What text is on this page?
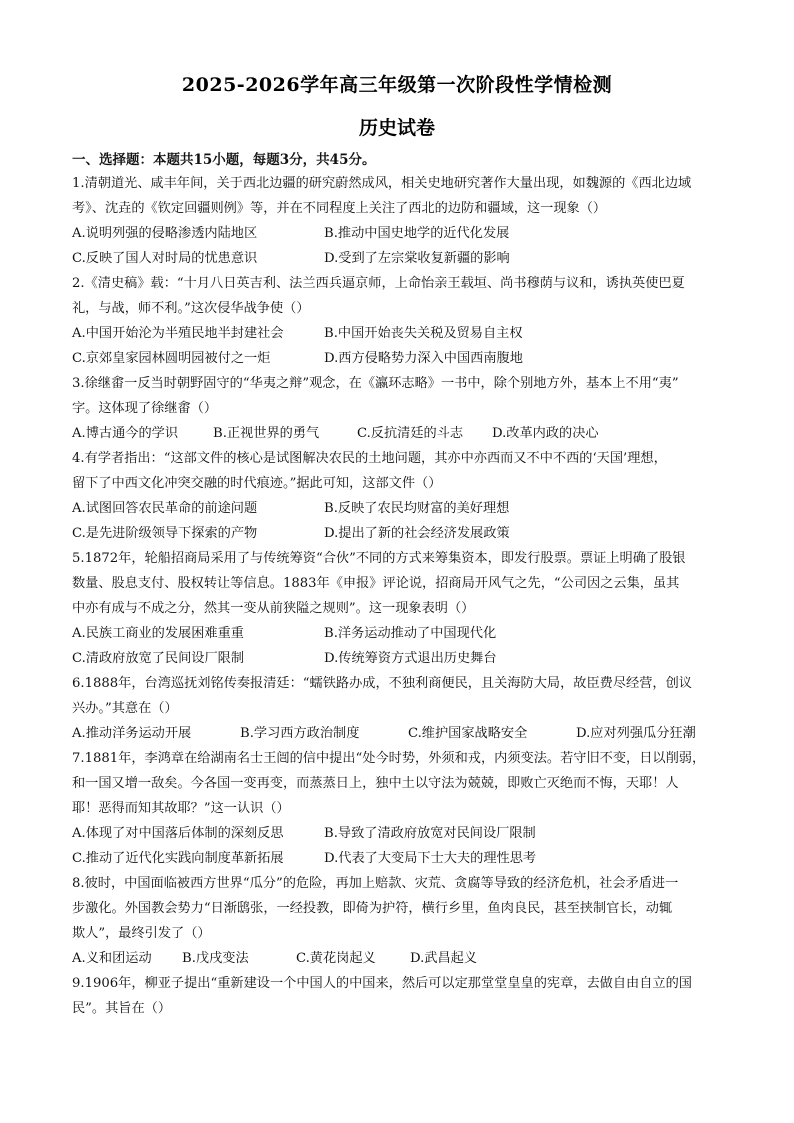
2025-2026学年高三年级第一次阶段性学情检测
历史试卷
一、选择题：本题共15小题，每题3分，共45分。
1.清朝道光、咸丰年间，关于西北边疆的研究蔚然成风，相关史地研究著作大量出现，如魏源的《西北边域
考》、沈垚的《钦定回疆则例》等，并在不同程度上关注了西北的边防和疆域，这一现象（）
A.说明列强的侵略渗透内陆地区	B.推动中国史地学的近代化发展
C.反映了国人对时局的忧患意识	D.受到了左宗棠收复新疆的影响
2.《清史稿》载：“十月八日英吉利、法兰西兵逼京师，上命怡亲王载垣、尚书穆荫与议和，诱执英使巴夏
礼，与战，师不利。”这次侵华战争使（）
A.中国开始沦为半殖民地半封建社会	B.中国开始丧失关税及贸易自主权
C.京郊皇家园林圆明园被付之一炬	D.西方侵略势力深入中国西南腹地
3.徐继畬一反当时朝野固守的“华夷之辩”观念，在《瀛环志略》一书中，除个别地方外，基本上不用“夷”
字。这体现了徐继畬（）
A.博古通今的学识	B.正视世界的勇气	C.反抗清廷的斗志	D.改革内政的决心
4.有学者指出：“这部文件的核心是试图解决农民的土地问题，其亦中亦西而又不中不西的‘天国’理想，
留下了中西文化冲突交融的时代痕迹。”据此可知，这部文件（）
A.试图回答农民革命的前途问题	B.反映了农民均财富的美好理想
C.是先进阶级领导下探索的产物	D.提出了新的社会经济发展政策
5.1872年，轮船招商局采用了与传统筹资“合伙”不同的方式来筹集资本，即发行股票。票证上明确了股银
数量、股息支付、股权转让等信息。1883年《申报》评论说，招商局开风气之先，“公司因之云集，虽其
中亦有成与不成之分，然其一变从前狭隘之规则”。这一现象表明（）
A.民族工商业的发展困难重重	B.洋务运动推动了中国现代化
C.清政府放宽了民间设厂限制	D.传统筹资方式退出历史舞台
6.1888年，台湾巡抚刘铭传奏报清廷：“蠕铁路办成，不独利商便民，且关海防大局，故臣费尽经营，创议
兴办。”其意在（）
A.推动洋务运动开展	B.学习西方政治制度	C.维护国家战略安全	D.应对列强瓜分狂潮
7.1881年，李鸿章在给湖南名士王闿的信中提出“处今时势，外须和戎，内须变法。若守旧不变，日以削弱，
和一国又增一敌矣。今各国一变再变，而蒸蒸日上，独中土以守法为兢兢，即败亡灭绝而不悔，天耶！人
耶！恶得而知其故耶？”这一认识（）
A.体现了对中国落后体制的深刻反思	B.导致了清政府放宽对民间设厂限制
C.推动了近代化实践向制度革新拓展	D.代表了大变局下士大夫的理性思考
8.彼时，中国面临被西方世界“瓜分”的危险，再加上赔款、灾荒、贪腐等导致的经济危机，社会矛盾进一
步激化。外国教会势力“日渐鸱张，一经投教，即倚为护符，横行乡里，鱼肉良民，甚至挟制官长，动辄
欺人”，最终引发了（）
A.义和团运动	B.戊戌变法	C.黄花岗起义	D.武昌起义
9.1906年，柳亚子提出“重新建设一个中国人的中国来，然后可以定那堂堂皇皇的宪章，去做自由自立的国
民”。其旨在（）
